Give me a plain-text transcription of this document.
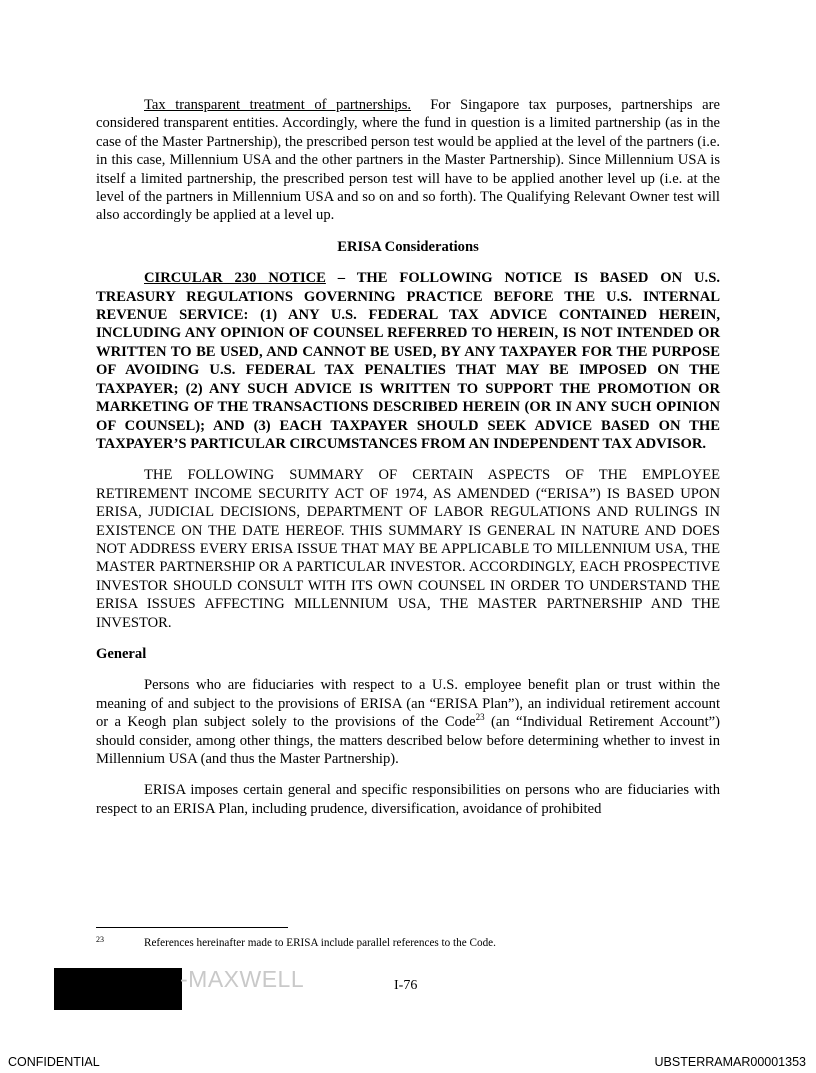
Tax transparent treatment of partnerships. For Singapore tax purposes, partnerships are considered transparent entities. Accordingly, where the fund in question is a limited partnership (as in the case of the Master Partnership), the prescribed person test would be applied at the level of the partners (i.e. in this case, Millennium USA and the other partners in the Master Partnership). Since Millennium USA is itself a limited partnership, the prescribed person test will have to be applied another level up (i.e. at the level of the partners in Millennium USA and so on and so forth). The Qualifying Relevant Owner test will also accordingly be applied at a level up.

ERISA Considerations

CIRCULAR 230 NOTICE – THE FOLLOWING NOTICE IS BASED ON U.S. TREASURY REGULATIONS GOVERNING PRACTICE BEFORE THE U.S. INTERNAL REVENUE SERVICE: (1) ANY U.S. FEDERAL TAX ADVICE CONTAINED HEREIN, INCLUDING ANY OPINION OF COUNSEL REFERRED TO HEREIN, IS NOT INTENDED OR WRITTEN TO BE USED, AND CANNOT BE USED, BY ANY TAXPAYER FOR THE PURPOSE OF AVOIDING U.S. FEDERAL TAX PENALTIES THAT MAY BE IMPOSED ON THE TAXPAYER; (2) ANY SUCH ADVICE IS WRITTEN TO SUPPORT THE PROMOTION OR MARKETING OF THE TRANSACTIONS DESCRIBED HEREIN (OR IN ANY SUCH OPINION OF COUNSEL); AND (3) EACH TAXPAYER SHOULD SEEK ADVICE BASED ON THE TAXPAYER’S PARTICULAR CIRCUMSTANCES FROM AN INDEPENDENT TAX ADVISOR.

THE FOLLOWING SUMMARY OF CERTAIN ASPECTS OF THE EMPLOYEE RETIREMENT INCOME SECURITY ACT OF 1974, AS AMENDED (“ERISA”) IS BASED UPON ERISA, JUDICIAL DECISIONS, DEPARTMENT OF LABOR REGULATIONS AND RULINGS IN EXISTENCE ON THE DATE HEREOF. THIS SUMMARY IS GENERAL IN NATURE AND DOES NOT ADDRESS EVERY ERISA ISSUE THAT MAY BE APPLICABLE TO MILLENNIUM USA, THE MASTER PARTNERSHIP OR A PARTICULAR INVESTOR. ACCORDINGLY, EACH PROSPECTIVE INVESTOR SHOULD CONSULT WITH ITS OWN COUNSEL IN ORDER TO UNDERSTAND THE ERISA ISSUES AFFECTING MILLENNIUM USA, THE MASTER PARTNERSHIP AND THE INVESTOR.

General

Persons who are fiduciaries with respect to a U.S. employee benefit plan or trust within the meaning of and subject to the provisions of ERISA (an “ERISA Plan”), an individual retirement account or a Keogh plan subject solely to the provisions of the Code$^{23}$ (an “Individual Retirement Account”) should consider, among other things, the matters described below before determining whether to invest in Millennium USA (and thus the Master Partnership).

ERISA imposes certain general and specific responsibilities on persons who are fiduciaries with respect to an ERISA Plan, including prudence, diversification, avoidance of prohibited

23	References hereinafter made to ERISA include parallel references to the Code.
-MAXWELL	I-76
CONFIDENTIAL	UBSTERRAMAR00001353
